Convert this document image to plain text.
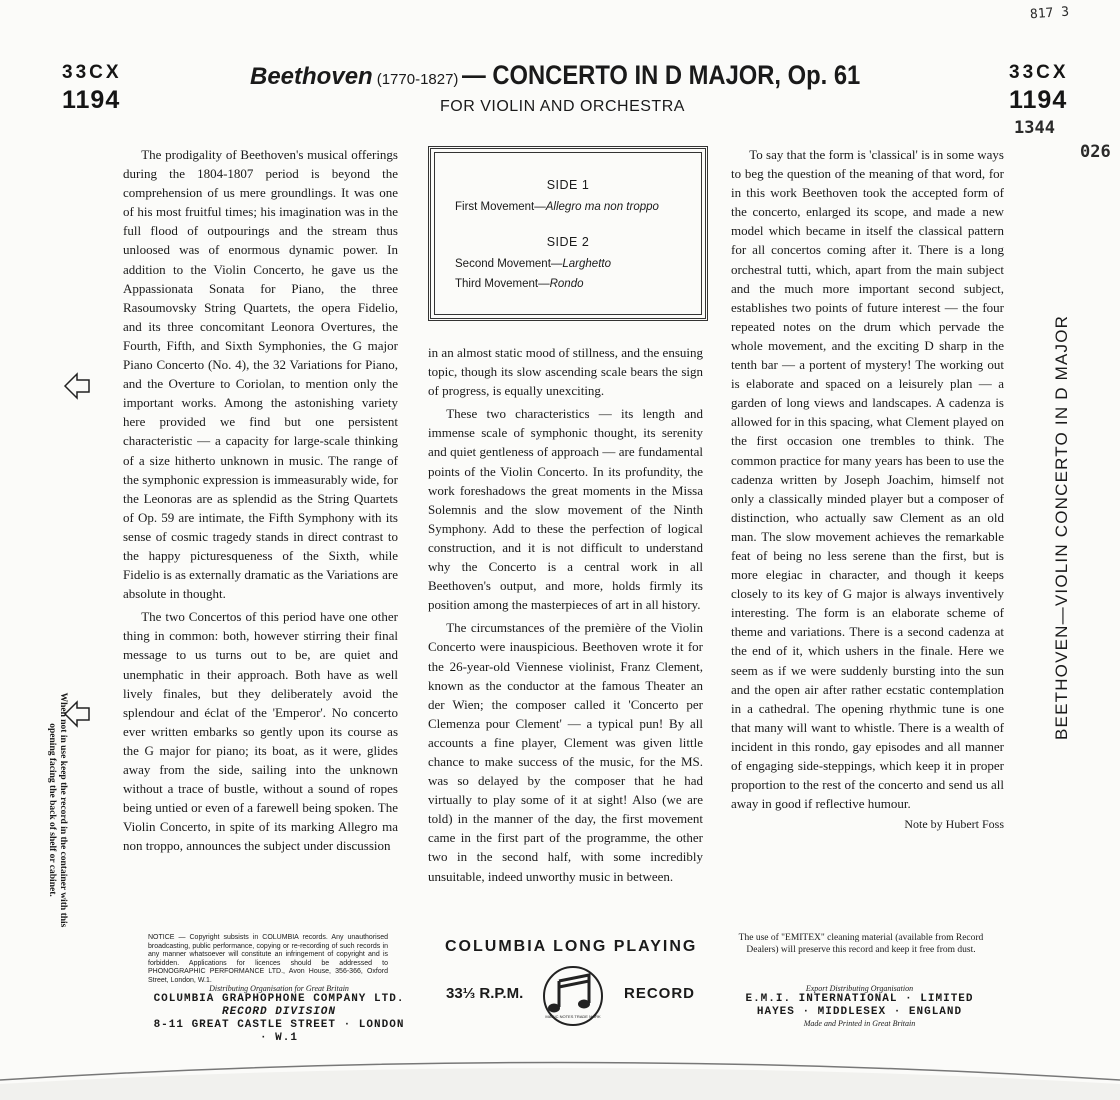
33CX
1194
33CX
1194
817 3
1344
026
Beethoven (1770-1827) — CONCERTO IN D MAJOR, Op. 61
FOR VIOLIN AND ORCHESTRA
SIDE 1
First Movement—Allegro ma non troppo
SIDE 2
Second Movement—Larghetto
Third Movement—Rondo

The prodigality of Beethoven's musical offerings during the 1804-1807 period is beyond the comprehension of us mere groundlings. It was one of his most fruitful times; his imagination was in the full flood of outpourings and the stream thus unloosed was of enormous dynamic power. In addition to the Violin Concerto, he gave us the Appassionata Sonata for Piano, the three Rasoumovsky String Quartets, the opera Fidelio, and its three concomitant Leonora Overtures, the Fourth, Fifth, and Sixth Symphonies, the G major Piano Concerto (No. 4), the 32 Variations for Piano, and the Overture to Coriolan, to mention only the important works. Among the astonishing variety here provided we find but one persistent characteristic — a capacity for large-scale thinking of a size hitherto unknown in music. The range of the symphonic expression is immeasurably wide, for the Leonoras are as splendid as the String Quartets of Op. 59 are intimate, the Fifth Symphony with its sense of cosmic tragedy stands in direct contrast to the happy picturesqueness of the Sixth, while Fidelio is as externally dramatic as the Variations are absolute in thought.

The two Concertos of this period have one other thing in common: both, however stirring their final message to us turns out to be, are quiet and unemphatic in their approach. Both have as well lively finales, but they deliberately avoid the splendour and éclat of the 'Emperor'. No concerto ever written embarks so gently upon its course as the G major for piano; its boat, as it were, glides away from the side, sailing into the unknown without a trace of bustle, without a sound of ropes being untied or even of a farewell being spoken. The Violin Concerto, in spite of its marking Allegro ma non troppo, announces the subject under discussion

in an almost static mood of stillness, and the ensuing topic, though its slow ascending scale bears the sign of progress, is equally unexciting.

These two characteristics — its length and immense scale of symphonic thought, its serenity and quiet gentleness of approach — are fundamental points of the Violin Concerto. In its profundity, the work foreshadows the great moments in the Missa Solemnis and the slow movement of the Ninth Symphony. Add to these the perfection of logical construction, and it is not difficult to understand why the Concerto is a central work in all Beethoven's output, and more, holds firmly its position among the masterpieces of art in all history.

The circumstances of the première of the Violin Concerto were inauspicious. Beethoven wrote it for the 26-year-old Viennese violinist, Franz Clement, known as the conductor at the famous Theater an der Wien; the composer called it 'Concerto per Clemenza pour Clement' — a typical pun! By all accounts a fine player, Clement was given little chance to make success of the music, for the MS. was so delayed by the composer that he had virtually to play some of it at sight! Also (we are told) in the manner of the day, the first movement came in the first part of the programme, the other two in the second half, with some incredibly unsuitable, indeed unworthy music in between.

To say that the form is 'classical' is in some ways to beg the question of the meaning of that word, for in this work Beethoven took the accepted form of the concerto, enlarged its scope, and made a new model which became in itself the classical pattern for all concertos coming after it. There is a long orchestral tutti, which, apart from the main subject and the much more important second subject, establishes two points of future interest — the four repeated notes on the drum which pervade the whole movement, and the exciting D sharp in the tenth bar — a portent of mystery! The working out is elaborate and spaced on a leisurely plan — a garden of long views and landscapes. A cadenza is allowed for in this spacing, what Clement played on the first occasion one trembles to think. The common practice for many years has been to use the cadenza written by Joseph Joachim, himself not only a classically minded player but a composer of distinction, who actually saw Clement as an old man. The slow movement achieves the remarkable feat of being no less serene than the first, but is more elegiac in character, and though it keeps closely to its key of G major is always inventively interesting. The form is an elaborate scheme of theme and variations. There is a second cadenza at the end of it, which ushers in the finale. Here we seem as if we were suddenly bursting into the sun and the open air after rather ecstatic contemplation in a cathedral. The opening rhythmic tune is one that many will want to whistle. There is a wealth of incident in this rondo, gay episodes and all manner of engaging side-steppings, which keep it in proper proportion to the rest of the concerto and send us all away in good if reflective humour.

Note by Hubert Foss

BEETHOVEN—VIOLIN CONCERTO IN D MAJOR
When not in use keep the record in the container with this opening facing the back of shelf or cabinet.
NOTICE — Copyright subsists in COLUMBIA records. Any unauthorised broadcasting, public performance, copying or re-recording of such records in any manner whatsoever will constitute an infringement of copyright and is forbidden. Applications for licences should be addressed to PHONOGRAPHIC PERFORMANCE LTD., Avon House, 356-366, Oxford Street, London, W.1.
Distributing Organisation for Great Britain
COLUMBIA GRAPHOPHONE COMPANY LTD.
RECORD DIVISION
8-11 GREAT CASTLE STREET · LONDON · W.1
COLUMBIA LONG PLAYING
33⅓ R.P.M.	RECORD
MAGIC NOTES TRADE MARK
The use of "EMITEX" cleaning material (available from Record Dealers) will preserve this record and keep it free from dust.
Export Distributing Organisation
E.M.I. INTERNATIONAL · LIMITED
HAYES · MIDDLESEX · ENGLAND
Made and Printed in Great Britain
